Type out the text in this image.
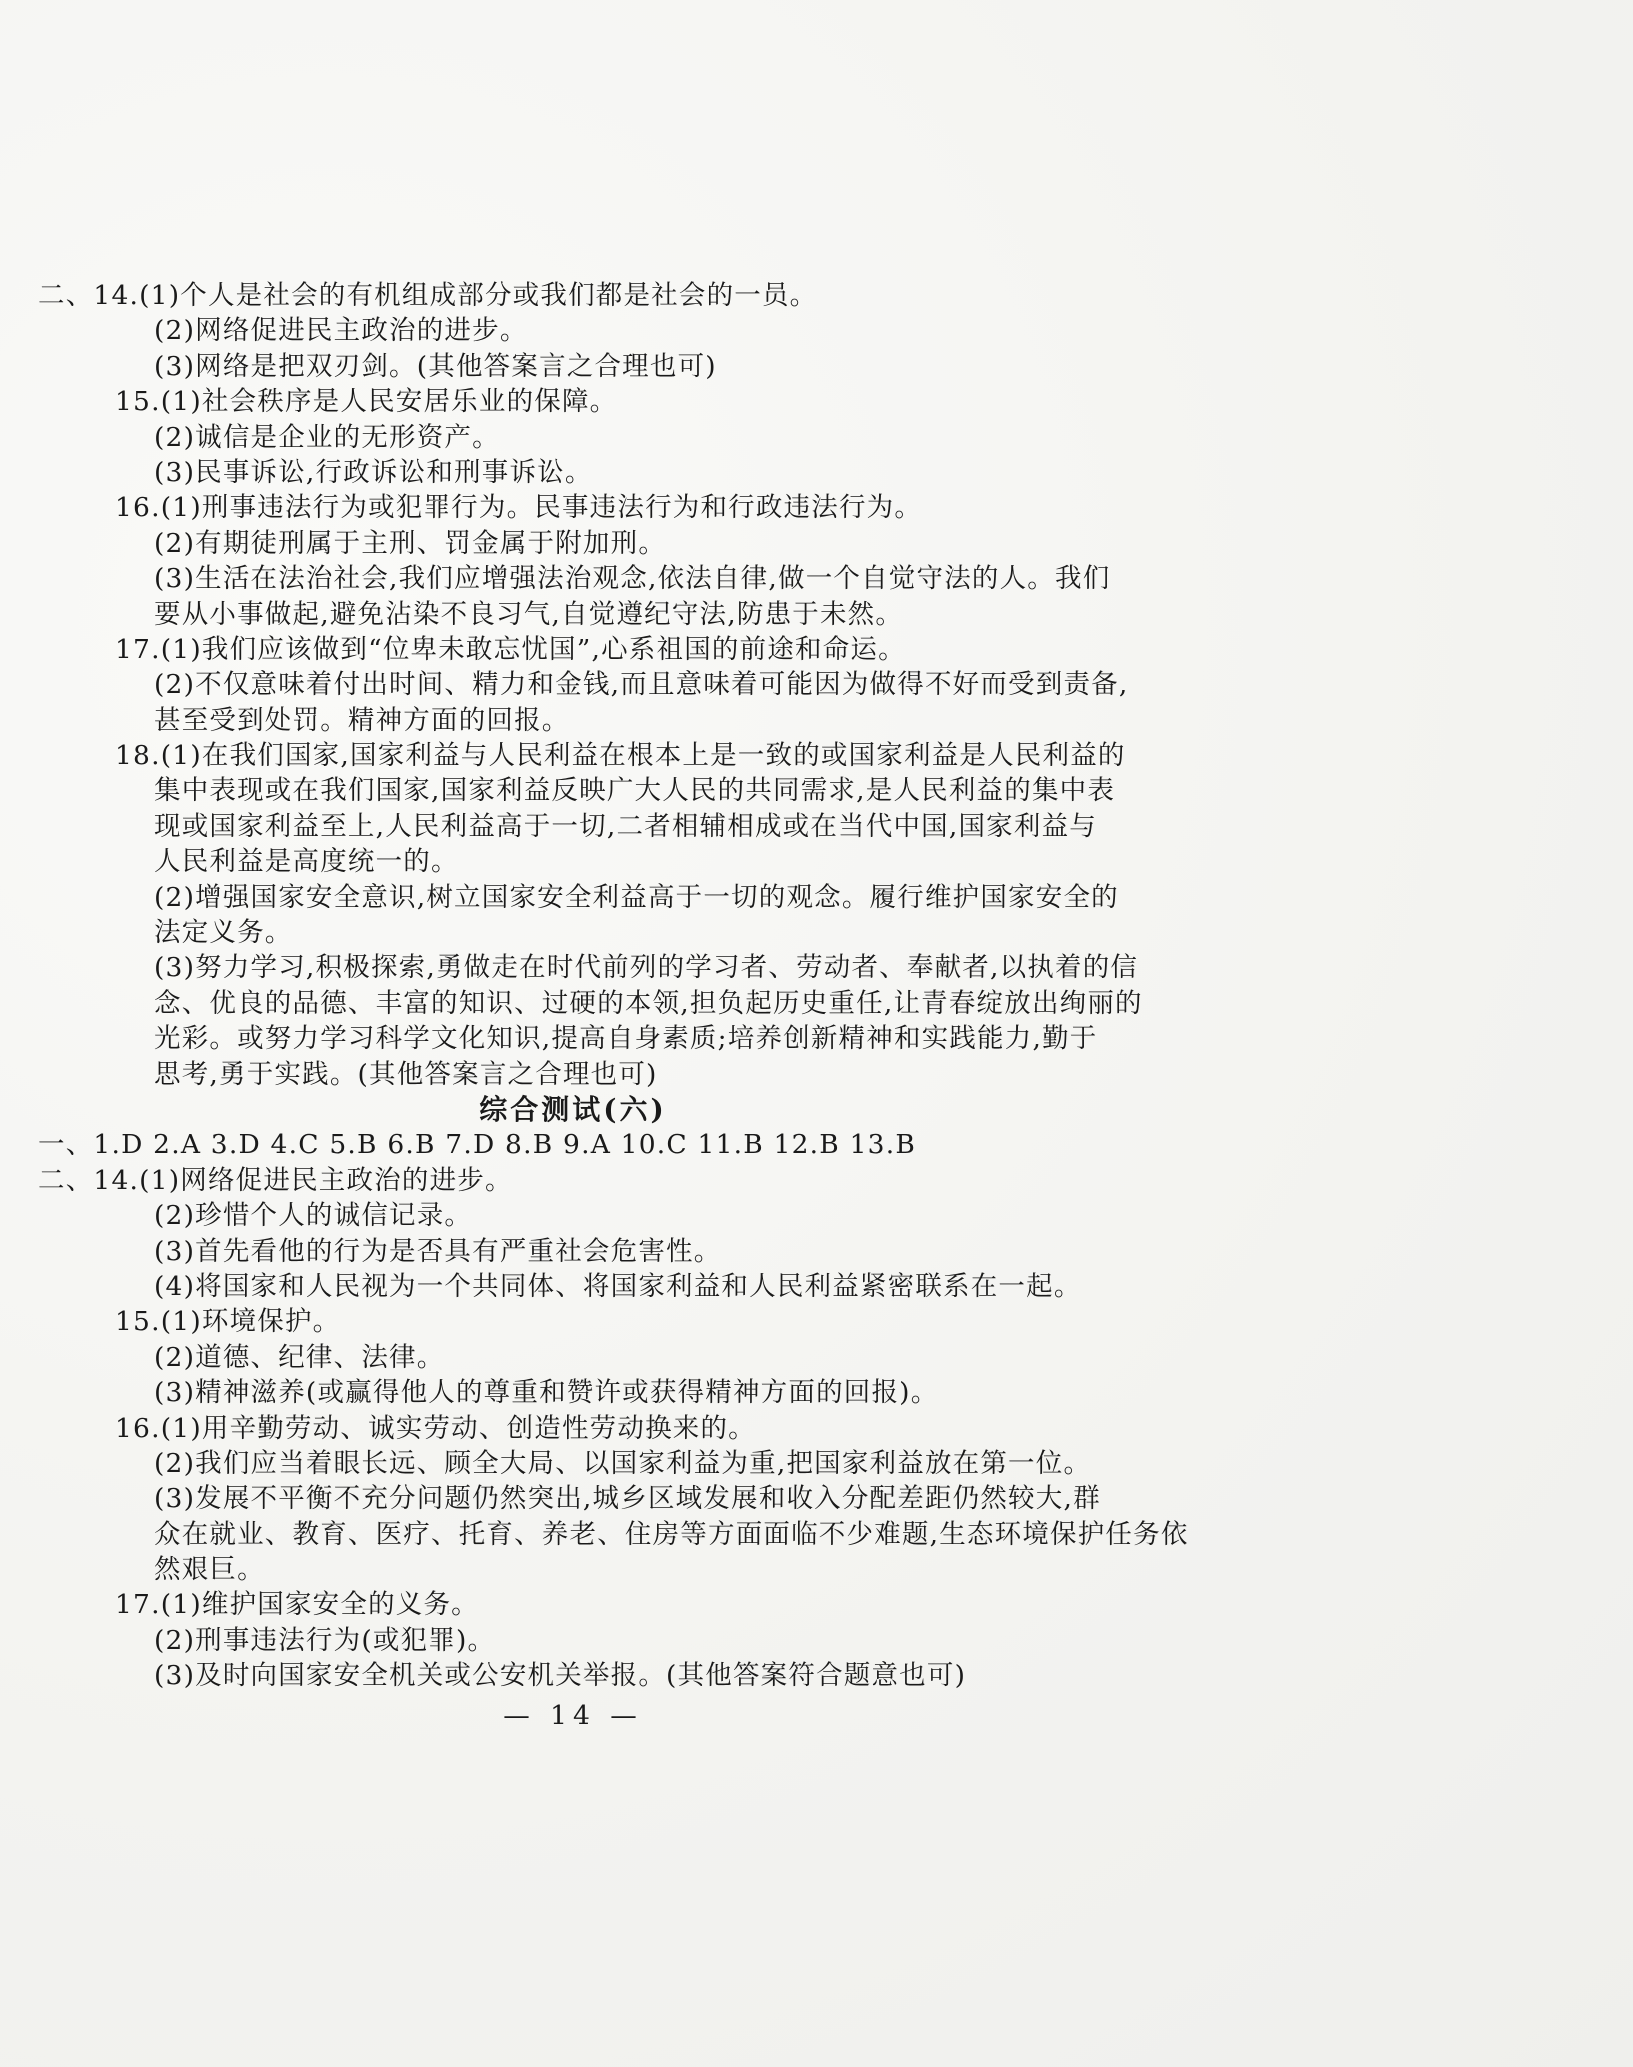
二、14.(1)个人是社会的有机组成部分或我们都是社会的一员。
(2)网络促进民主政治的进步。
(3)网络是把双刃剑。(其他答案言之合理也可)
15.(1)社会秩序是人民安居乐业的保障。
(2)诚信是企业的无形资产。
(3)民事诉讼,行政诉讼和刑事诉讼。
16.(1)刑事违法行为或犯罪行为。民事违法行为和行政违法行为。
(2)有期徒刑属于主刑、罚金属于附加刑。
(3)生活在法治社会,我们应增强法治观念,依法自律,做一个自觉守法的人。我们
要从小事做起,避免沾染不良习气,自觉遵纪守法,防患于未然。
17.(1)我们应该做到“位卑未敢忘忧国”,心系祖国的前途和命运。
(2)不仅意味着付出时间、精力和金钱,而且意味着可能因为做得不好而受到责备,
甚至受到处罚。精神方面的回报。
18.(1)在我们国家,国家利益与人民利益在根本上是一致的或国家利益是人民利益的
集中表现或在我们国家,国家利益反映广大人民的共同需求,是人民利益的集中表
现或国家利益至上,人民利益高于一切,二者相辅相成或在当代中国,国家利益与
人民利益是高度统一的。
(2)增强国家安全意识,树立国家安全利益高于一切的观念。履行维护国家安全的
法定义务。
(3)努力学习,积极探索,勇做走在时代前列的学习者、劳动者、奉献者,以执着的信
念、优良的品德、丰富的知识、过硬的本领,担负起历史重任,让青春绽放出绚丽的
光彩。或努力学习科学文化知识,提高自身素质;培养创新精神和实践能力,勤于
思考,勇于实践。(其他答案言之合理也可)
综合测试(六)
一、1.D 2.A 3.D 4.C 5.B 6.B 7.D 8.B 9.A 10.C 11.B 12.B 13.B
二、14.(1)网络促进民主政治的进步。
(2)珍惜个人的诚信记录。
(3)首先看他的行为是否具有严重社会危害性。
(4)将国家和人民视为一个共同体、将国家利益和人民利益紧密联系在一起。
15.(1)环境保护。
(2)道德、纪律、法律。
(3)精神滋养(或赢得他人的尊重和赞许或获得精神方面的回报)。
16.(1)用辛勤劳动、诚实劳动、创造性劳动换来的。
(2)我们应当着眼长远、顾全大局、以国家利益为重,把国家利益放在第一位。
(3)发展不平衡不充分问题仍然突出,城乡区域发展和收入分配差距仍然较大,群
众在就业、教育、医疗、托育、养老、住房等方面面临不少难题,生态环境保护任务依
然艰巨。
17.(1)维护国家安全的义务。
(2)刑事违法行为(或犯罪)。
(3)及时向国家安全机关或公安机关举报。(其他答案符合题意也可)
— 14 —
